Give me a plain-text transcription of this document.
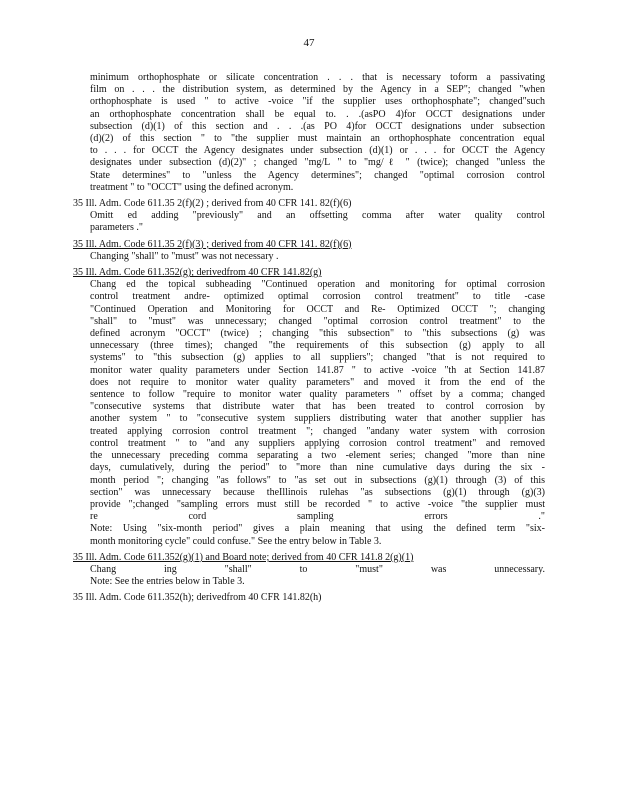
47
minimum orthophosphate or silicate concentration . . . that is necessary toform a passivating
film on . . . the distribution system, as determined by the Agency in a SEP"; changed "when
orthophosphate is used " to active -voice "if the supplier uses orthophosphate"; changed"such
an orthophosphate concentration shall be equal to. . .(asPO 4)for OCCT designations under
subsection (d)(1) of this section and . . .(as PO 4)for OCCT designations under subsection
(d)(2) of this section " to "the supplier must maintain an orthophosphate concentration equal
to . . . for OCCT the Agency designates under subsection (d)(1) or . . . for OCCT the Agency
designates under subsection (d)(2)" ; changed "mg/L " to "mg/ℓ " (twice); changed "unless the
State determines" to "unless the Agency determines"; changed "optimal corrosion control
treatment " to "OCCT" using the defined acronym.
35 Ill. Adm. Code 611.35 2(f)(2) ; derived from 40 CFR 141. 82(f)(6)
Omitt ed adding "previously" and an offsetting comma after water quality control
parameters ."
35 Ill. Adm. Code 611.35 2(f)(3) ; derived from 40 CFR 141. 82(f)(6)
Changing "shall" to "must" was not necessary .
35 Ill. Adm. Code 611.352(g); derivedfrom 40 CFR 141.82(g)
Chang ed the topical subheading "Continued operation and monitoring for optimal corrosion
control treatment andre- optimized optimal corrosion control treatment" to title -case
"Continued Operation and Monitoring for OCCT and Re- Optimized OCCT "; changing
"shall" to "must" was unnecessary; changed "optimal corrosion control treatment" to the
defined acronym "OCCT" (twice) ; changing "this subsection" to "this subsections (g) was
unnecessary (three times); changed "the requirements of this subsection (g) apply to all
systems" to "this subsection (g) applies to all suppliers"; changed "that is not required to
monitor water quality parameters under Section 141.87 " to active -voice "th at Section 141.87
does not require to monitor water quality parameters" and moved it from the end of the
sentence to follow "require to monitor water quality parameters " offset by a comma; changed
"consecutive systems that distribute water that has been treated to control corrosion by
another system " to "consecutive system suppliers distributing water that another supplier has
treated applying corrosion control treatment "; changed "andany water system with corrosion
control treatment " to "and any suppliers applying corrosion control treatment" and removed
the unnecessary preceding comma separating a two -element series; changed "more than nine
days, cumulatively, during the period" to "more than nine cumulative days during the six -
month period "; changing "as follows" to "as set out in subsections (g)(1) through (3) of this
section" was unnecessary because theIllinois rulehas "as subsections (g)(1) through (g)(3)
provide ";changed "sampling errors must still be recorded " to active -voice "the supplier must
re cord sampling errors ."
Note: Using "six-month period" gives a plain meaning that using the defined term "six-
month monitoring cycle" could confuse." See the entry below in Table 3.
35 Ill. Adm. Code 611.352(g)(1) and Board note; derived from 40 CFR 141.8 2(g)(1)
Chang ing "shall" to "must" was unnecessary.
Note: See the entries below in Table 3.
35 Ill. Adm. Code 611.352(h); derivedfrom 40 CFR 141.82(h)
